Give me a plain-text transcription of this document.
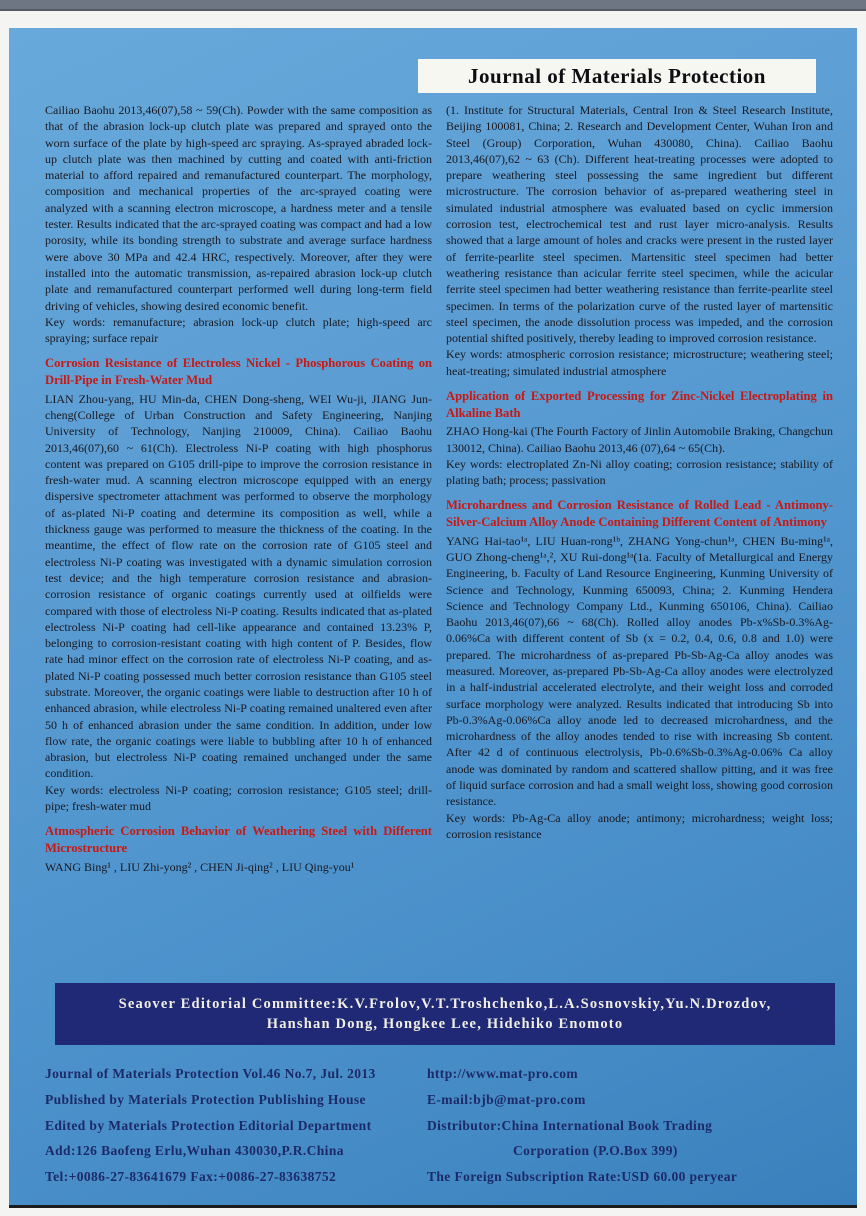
Journal of Materials Protection

Cailiao Baohu 2013,46(07),58 ~ 59(Ch). Powder with the same composition as that of the abrasion lock-up clutch plate was prepared and sprayed onto the worn surface of the plate by high-speed arc spraying. As-sprayed abraded lock-up clutch plate was then machined by cutting and coated with anti-friction material to afford repaired and remanufactured counterpart. The morphology, composition and mechanical properties of the arc-sprayed coating were analyzed with a scanning electron microscope, a hardness meter and a tensile tester. Results indicated that the arc-sprayed coating was compact and had a low porosity, while its bonding strength to substrate and average surface hardness were above 30 MPa and 42.4 HRC, respectively. Moreover, after they were installed into the automatic transmission, as-repaired abrasion lock-up clutch plate and remanufactured counterpart performed well during long-term field driving of vehicles, showing desired economic benefit.

Key words: remanufacture; abrasion lock-up clutch plate; high-speed arc spraying; surface repair

Corrosion Resistance of Electroless Nickel - Phosphorous Coating on Drill-Pipe in Fresh-Water Mud

LIAN Zhou-yang, HU Min-da, CHEN Dong-sheng, WEI Wu-ji, JIANG Jun-cheng(College of Urban Construction and Safety Engineering, Nanjing University of Technology, Nanjing 210009, China). Cailiao Baohu 2013,46(07),60 ~ 61(Ch). Electroless Ni-P coating with high phosphorus content was prepared on G105 drill-pipe to improve the corrosion resistance in fresh-water mud. A scanning electron microscope equipped with an energy dispersive spectrometer attachment was performed to observe the morphology of as-plated Ni-P coating and determine its composition as well, while a thickness gauge was performed to measure the thickness of the coating. In the meantime, the effect of flow rate on the corrosion rate of G105 steel and electroless Ni-P coating was investigated with a dynamic simulation corrosion test device; and the high temperature corrosion resistance and abrasion-corrosion resistance of organic coatings currently used at oilfields were compared with those of electroless Ni-P coating. Results indicated that as-plated electroless Ni-P coating had cell-like appearance and contained 13.23% P, belonging to corrosion-resistant coating with high content of P. Besides, flow rate had minor effect on the corrosion rate of electroless Ni-P coating, and as-plated Ni-P coating possessed much better corrosion resistance than G105 steel substrate. Moreover, the organic coatings were liable to destruction after 10 h of enhanced abrasion, while electroless Ni-P coating remained unaltered even after 50 h of enhanced abrasion under the same condition. In addition, under low flow rate, the organic coatings were liable to bubbling after 10 h of enhanced abrasion, but electroless Ni-P coating remained unchanged under the same condition.

Key words: electroless Ni-P coating; corrosion resistance; G105 steel; drill-pipe; fresh-water mud

Atmospheric Corrosion Behavior of Weathering Steel with Different Microstructure

WANG Bing¹ , LIU Zhi-yong² , CHEN Ji-qing² , LIU Qing-you¹

(1. Institute for Structural Materials, Central Iron & Steel Research Institute, Beijing 100081, China; 2. Research and Development Center, Wuhan Iron and Steel (Group) Corporation, Wuhan 430080, China). Cailiao Baohu 2013,46(07),62 ~ 63 (Ch). Different heat-treating processes were adopted to prepare weathering steel possessing the same ingredient but different microstructure. The corrosion behavior of as-prepared weathering steel in simulated industrial atmosphere was evaluated based on cyclic immersion corrosion test, electrochemical test and rust layer micro-analysis. Results showed that a large amount of holes and cracks were present in the rusted layer of ferrite-pearlite steel specimen. Martensitic steel specimen had better weathering resistance than acicular ferrite steel specimen, while the acicular ferrite steel specimen had better weathering resistance than ferrite-pearlite steel specimen. In terms of the polarization curve of the rusted layer of martensitic steel specimen, the anode dissolution process was impeded, and the corrosion potential shifted positively, thereby leading to improved corrosion resistance.

Key words: atmospheric corrosion resistance; microstructure; weathering steel; heat-treating; simulated industrial atmosphere

Application of Exported Processing for Zinc-Nickel Electroplating in Alkaline Bath

ZHAO Hong-kai (The Fourth Factory of Jinlin Automobile Braking, Changchun 130012, China). Cailiao Baohu 2013,46 (07),64 ~ 65(Ch).

Key words: electroplated Zn-Ni alloy coating; corrosion resistance; stability of plating bath; process; passivation

Microhardness and Corrosion Resistance of Rolled Lead - Antimony-Silver-Calcium Alloy Anode Containing Different Content of Antimony

YANG Hai-tao¹ᵃ, LIU Huan-rong¹ᵇ, ZHANG Yong-chun¹ᵃ, CHEN Bu-ming¹ᵃ, GUO Zhong-cheng¹ᵃ,², XU Rui-dong¹ᵃ(1a. Faculty of Metallurgical and Energy Engineering, b. Faculty of Land Resource Engineering, Kunming University of Science and Technology, Kunming 650093, China; 2. Kunming Hendera Science and Technology Company Ltd., Kunming 650106, China). Cailiao Baohu 2013,46(07),66 ~ 68(Ch). Rolled alloy anodes Pb-x%Sb-0.3%Ag-0.06%Ca with different content of Sb (x = 0.2, 0.4, 0.6, 0.8 and 1.0) were prepared. The microhardness of as-prepared Pb-Sb-Ag-Ca alloy anodes was measured. Moreover, as-prepared Pb-Sb-Ag-Ca alloy anodes were electrolyzed in a half-industrial accelerated electrolyte, and their weight loss and corroded surface morphology were analyzed. Results indicated that introducing Sb into Pb-0.3%Ag-0.06%Ca alloy anode led to decreased microhardness, and the microhardness of the alloy anodes tended to rise with increasing Sb content. After 42 d of continuous electrolysis, Pb-0.6%Sb-0.3%Ag-0.06% Ca alloy anode was dominated by random and scattered shallow pitting, and it was free of liquid surface corrosion and had a small weight loss, showing good corrosion resistance.

Key words: Pb-Ag-Ca alloy anode; antimony; microhardness; weight loss; corrosion resistance

Seaover Editorial Committee:K.V.Frolov,V.T.Troshchenko,L.A.Sosnovskiy,Yu.N.Drozdov,
Hanshan Dong, Hongkee Lee, Hidehiko Enomoto
Journal of Materials Protection Vol.46 No.7, Jul. 2013
Published by Materials Protection Publishing House
Edited by Materials Protection Editorial Department
Add:126 Baofeng Erlu,Wuhan 430030,P.R.China
Tel:+0086-27-83641679 Fax:+0086-27-83638752
http://www.mat-pro.com
E-mail:bjb@mat-pro.com
Distributor:China International Book Trading
Corporation (P.O.Box 399)
The Foreign Subscription Rate:USD 60.00 peryear
